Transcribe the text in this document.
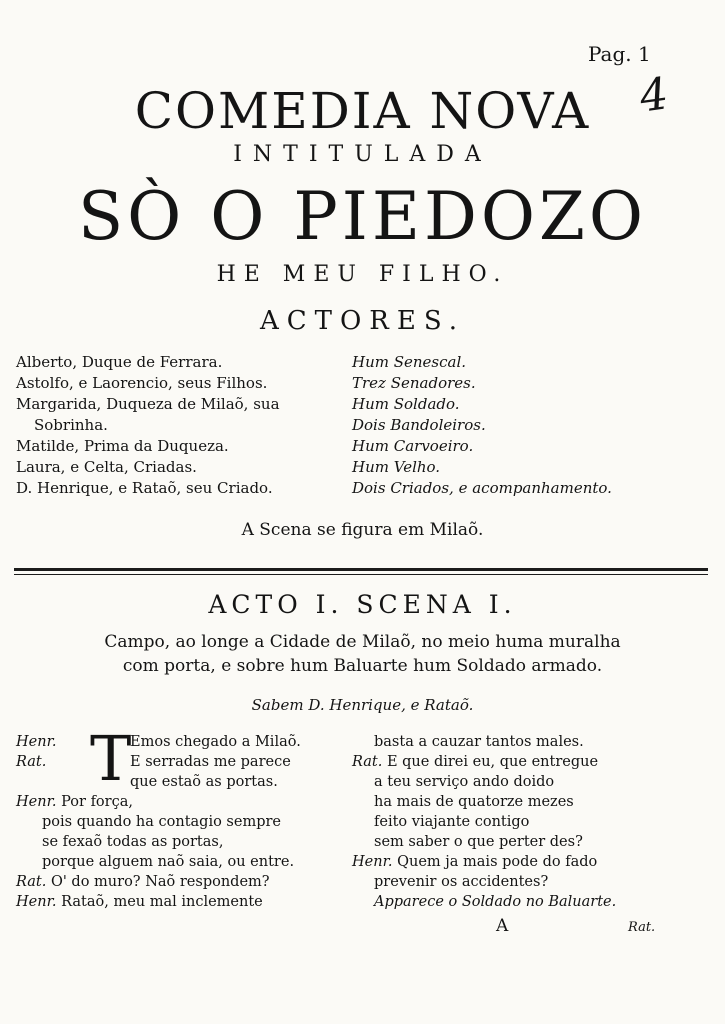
Pag. 1
4
COMEDIA NOVA
INTITULADA
SÒ O PIEDOZO
HE MEU FILHO.
ACTORES.
Alberto, Duque de Ferrara.
Astolfo, e Laorencio, seus Filhos.
Margarida, Duqueza de Milaõ, sua
Sobrinha.
Matilde, Prima da Duqueza.
Laura, e Celta, Criadas.
D. Henrique, e Rataõ, seu Criado.
Hum Senescal.
Trez Senadores.
Hum Soldado.
Dois Bandoleiros.
Hum Carvoeiro.
Hum Velho.
Dois Criados, e acompanhamento.
A Scena se figura em Milaõ.
ACTO I. SCENA I.
Campo, ao longe a Cidade de Milaõ, no meio huma muralha
com porta, e sobre hum Baluarte hum Soldado armado.
Sabem D. Henrique, e Rataõ.
T
Henr.	Emos chegado a Milaõ.
Rat.	E serradas me parece
que estaõ as portas.
Henr. Por força,
pois quando ha contagio sempre
se fexaõ todas as portas,
porque alguem naõ saia, ou entre.
Rat. O' do muro? Naõ respondem?
Henr. Rataõ, meu mal inclemente
basta a cauzar tantos males.
Rat. E que direi eu, que entregue
a teu serviço ando doido
ha mais de quatorze mezes
feito viajante contigo
sem saber o que perter des?
Henr. Quem ja mais pode do fado
prevenir os accidentes?
Apparece o Soldado no Baluarte.
A	Rat.
